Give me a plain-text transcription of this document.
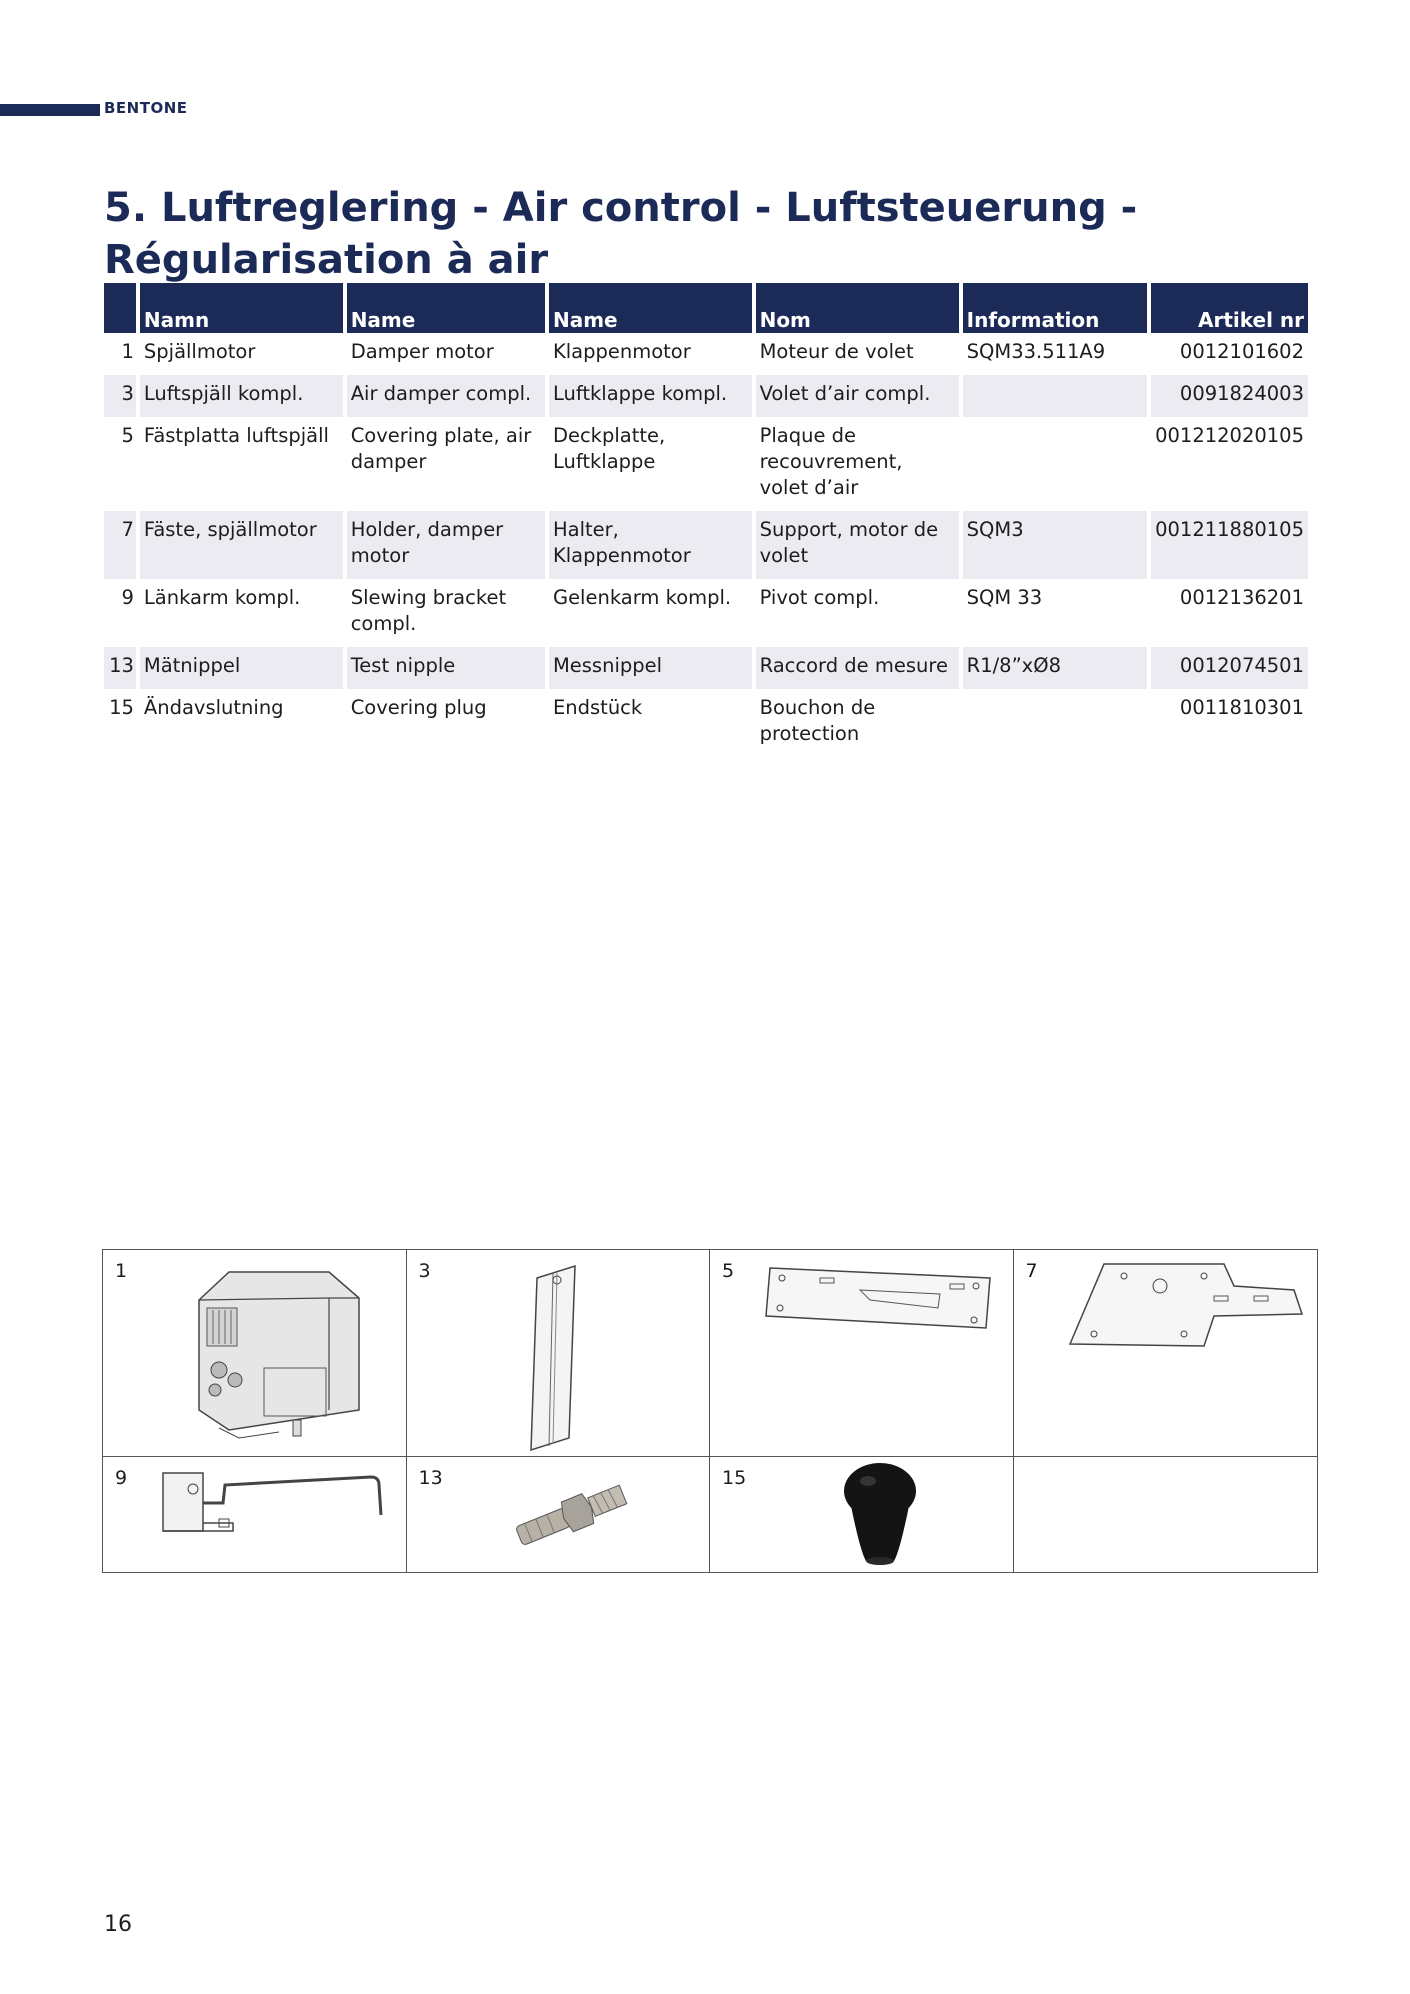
BENTONE
5. Luftreglering - Air control - Luftsteuerung - Régularisation à air
	Namn	Name	Name	Nom	Information	Artikel nr
1	Spjällmotor	Damper motor	Klappenmotor	Moteur de volet	SQM33.511A9	0012101602
3	Luftspjäll kompl.	Air damper compl.	Luftklappe kompl.	Volet d’air compl.		0091824003
5	Fästplatta luftspjäll	Covering plate, air damper	Deckplatte, Luftklappe	Plaque de recouvrement, volet d’air		001212020105
7	Fäste, spjällmotor	Holder, damper motor	Halter, Klappenmotor	Support, motor de volet	SQM3	001211880105
9	Länkarm kompl.	Slewing bracket compl.	Gelenkarm kompl.	Pivot compl.	SQM 33	0012136201
13	Mätnippel	Test nipple	Messnippel	Raccord de mesure	R1/8”xØ8	0012074501
15	Ändavslutning	Covering plug	Endstück	Bouchon de protection		0011810301
1	3	5	7
9	13	15
16
